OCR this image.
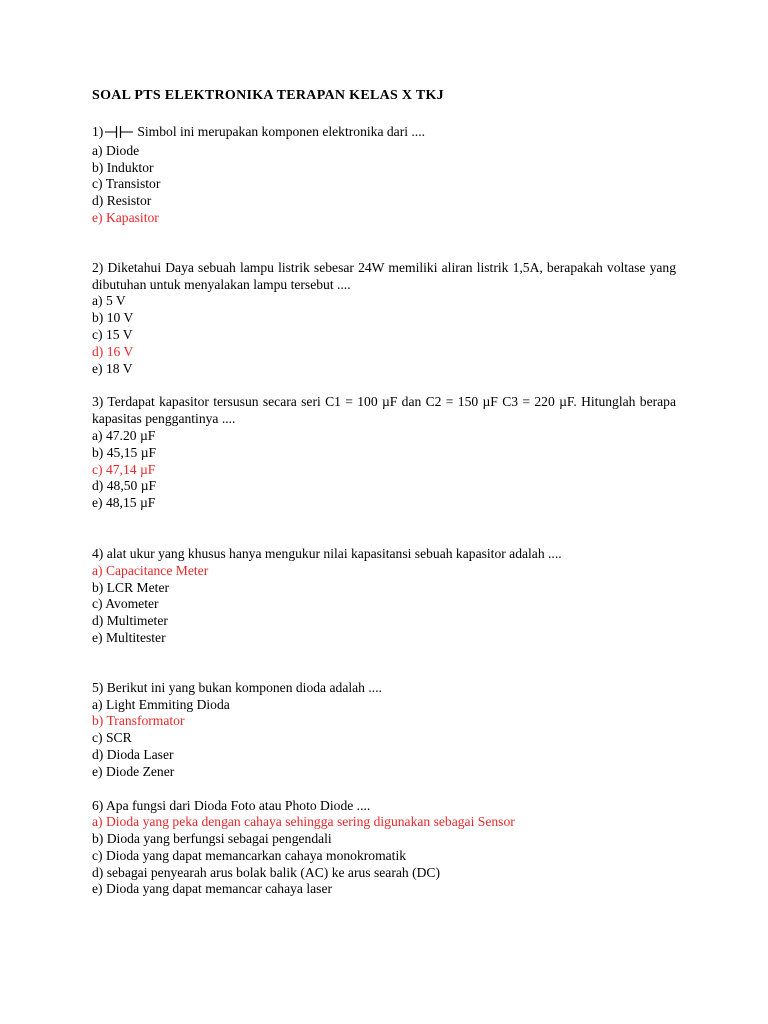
SOAL PTS ELEKTRONIKA TERAPAN KELAS X TKJ
1)	Simbol ini merupakan komponen elektronika dari ....
a) Diode
b) Induktor
c) Transistor
d) Resistor
e) Kapasitor
2) Diketahui Daya sebuah lampu listrik sebesar 24W memiliki aliran listrik 1,5A, berapakah voltase yang dibutuhan untuk menyalakan lampu tersebut ....
a) 5 V
b) 10 V
c) 15 V
d) 16 V
e) 18 V
3) Terdapat kapasitor tersusun secara seri C1 = 100 µF dan C2 = 150 µF C3 = 220 µF. Hitunglah berapa kapasitas penggantinya ....
a) 47.20 µF
b) 45,15 µF
c) 47,14 µF
d) 48,50 µF
e) 48,15 µF
4) alat ukur yang khusus hanya mengukur nilai kapasitansi sebuah kapasitor adalah ....
a) Capacitance Meter
b) LCR Meter
c) Avometer
d) Multimeter
e) Multitester
5) Berikut ini yang bukan komponen dioda adalah ....
a) Light Emmiting Dioda
b) Transformator
c) SCR
d) Dioda Laser
e) Diode Zener
6) Apa fungsi dari Dioda Foto atau Photo Diode ....
a) Dioda yang peka dengan cahaya sehingga sering digunakan sebagai Sensor
b) Dioda yang berfungsi sebagai pengendali
c) Dioda yang dapat memancarkan cahaya monokromatik
d) sebagai penyearah arus bolak balik (AC) ke arus searah (DC)
e) Dioda yang dapat memancar cahaya laser
